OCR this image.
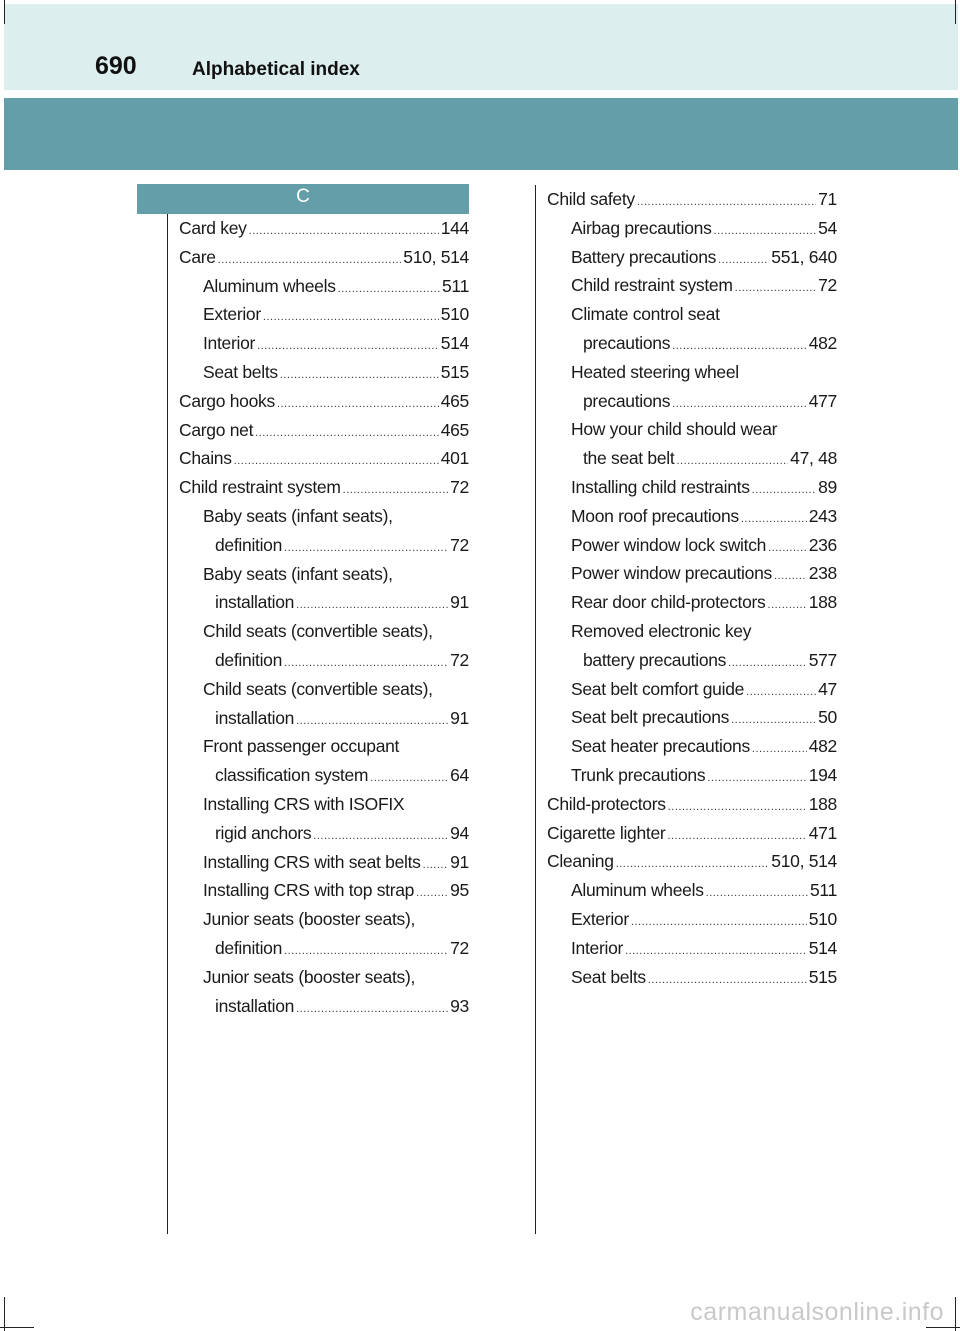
690	Alphabetical index
C
Card key .....	144
Care .....	510, 514
Aluminum wheels .....	511
Exterior .....	510
Interior .....	514
Seat belts .....	515
Cargo hooks .....	465
Cargo net .....	465
Chains .....	401
Child restraint system .....	72
Baby seats (infant seats),
definition .....	72
Baby seats (infant seats),
installation .....	91
Child seats (convertible seats),
definition .....	72
Child seats (convertible seats),
installation .....	91
Front passenger occupant
classification system .....	64
Installing CRS with ISOFIX
rigid anchors .....	94
Installing CRS with seat belts ..... 91
Installing CRS with top strap ..... 95
Junior seats (booster seats),
definition .....	72
Junior seats (booster seats),
installation .....	93
Child safety .....	71
Airbag precautions .....	54
Battery precautions .....	551, 640
Child restraint system .....	72
Climate control seat
precautions .....	482
Heated steering wheel
precautions .....	477
How your child should wear
the seat belt .....	47, 48
Installing child restraints .....	89
Moon roof precautions .....	243
Power window lock switch ..... 236
Power window precautions ..... 238
Rear door child-protectors ..... 188
Removed electronic key
battery precautions .....	577
Seat belt comfort guide .....	47
Seat belt precautions .....	50
Seat heater precautions .....	482
Trunk precautions .....	194
Child-protectors .....	188
Cigarette lighter .....	471
Cleaning .....	510, 514
Aluminum wheels .....	511
Exterior .....	510
Interior .....	514
Seat belts .....	515
carmanualsonline.info
